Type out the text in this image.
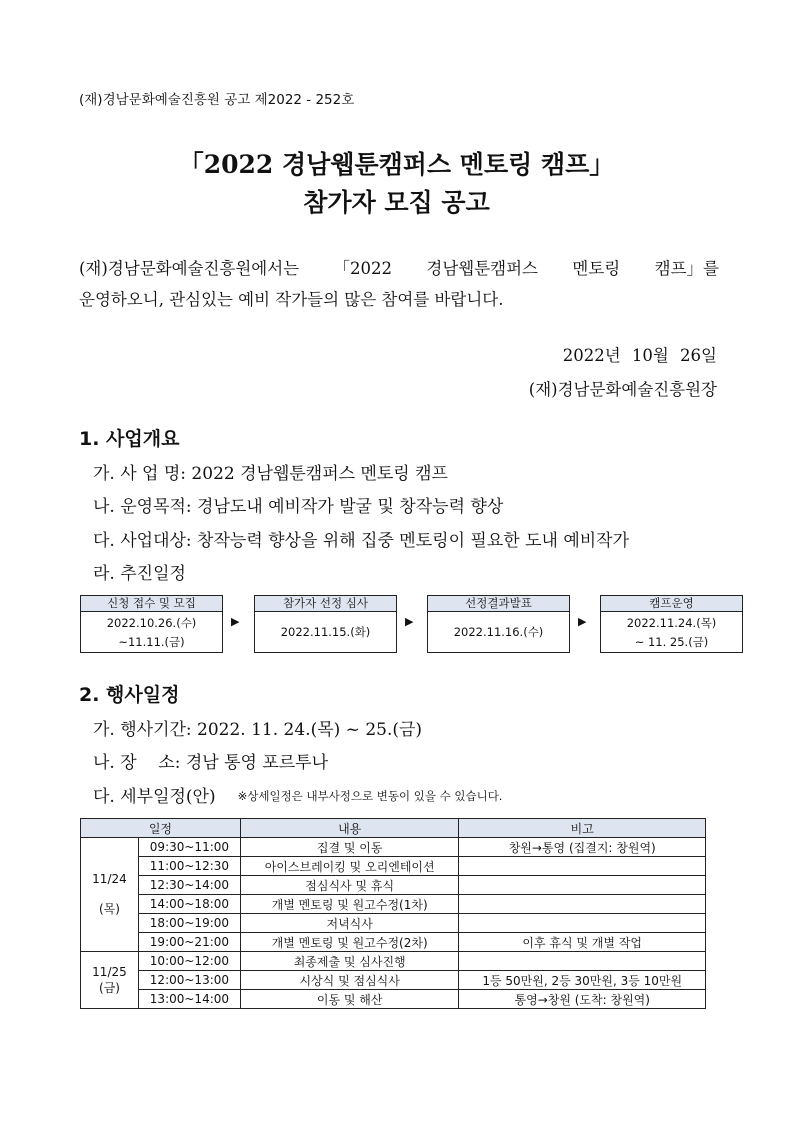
(재)경남문화예술진흥원 공고 제2022 - 252호
「2022 경남웹툰캠퍼스 멘토링 캠프」
참가자 모집 공고
(재)경남문화예술진흥원에서는 「2022 경남웹툰캠퍼스 멘토링 캠프」를
운영하오니, 관심있는 예비 작가들의 많은 참여를 바랍니다.
2022년 10월 26일
(재)경남문화예술진흥원장
1. 사업개요
가. 사 업 명: 2022 경남웹툰캠퍼스 멘토링 캠프
나. 운영목적: 경남도내 예비작가 발굴 및 창작능력 향상
다. 사업대상: 창작능력 향상을 위해 집중 멘토링이 필요한 도내 예비작가
라. 추진일정
신청 접수 및 모집
2022.10.26.(수)
~11.11.(금)
▶
참가자 선정 심사
2022.11.15.(화)
▶
선정결과발표
2022.11.16.(수)
▶
캠프운영
2022.11.24.(목)
~ 11. 25.(금)
2. 행사일정
가. 행사기간: 2022. 11. 24.(목) ~ 25.(금)
나. 장    소: 경남 통영 포르투나
다. 세부일정(안) ※상세일정은 내부사정으로 변동이 있을 수 있습니다.
일정		내용	비고
11/24

(목)	09:30~11:00	집결 및 이동	창원→통영 (집결지: 창원역)
	11:00~12:30	아이스브레이킹 및 오리엔테이션	
	12:30~14:00	점심식사 및 휴식	
	14:00~18:00	개별 멘토링 및 원고수정(1차)	
	18:00~19:00	저녁식사	
	19:00~21:00	개별 멘토링 및 원고수정(2차)	이후 휴식 및 개별 작업
11/25
(금)	10:00~12:00	최종제출 및 심사진행	
	12:00~13:00	시상식 및 점심식사	1등 50만원, 2등 30만원, 3등 10만원
	13:00~14:00	이동 및 해산	통영→창원 (도착: 창원역)
